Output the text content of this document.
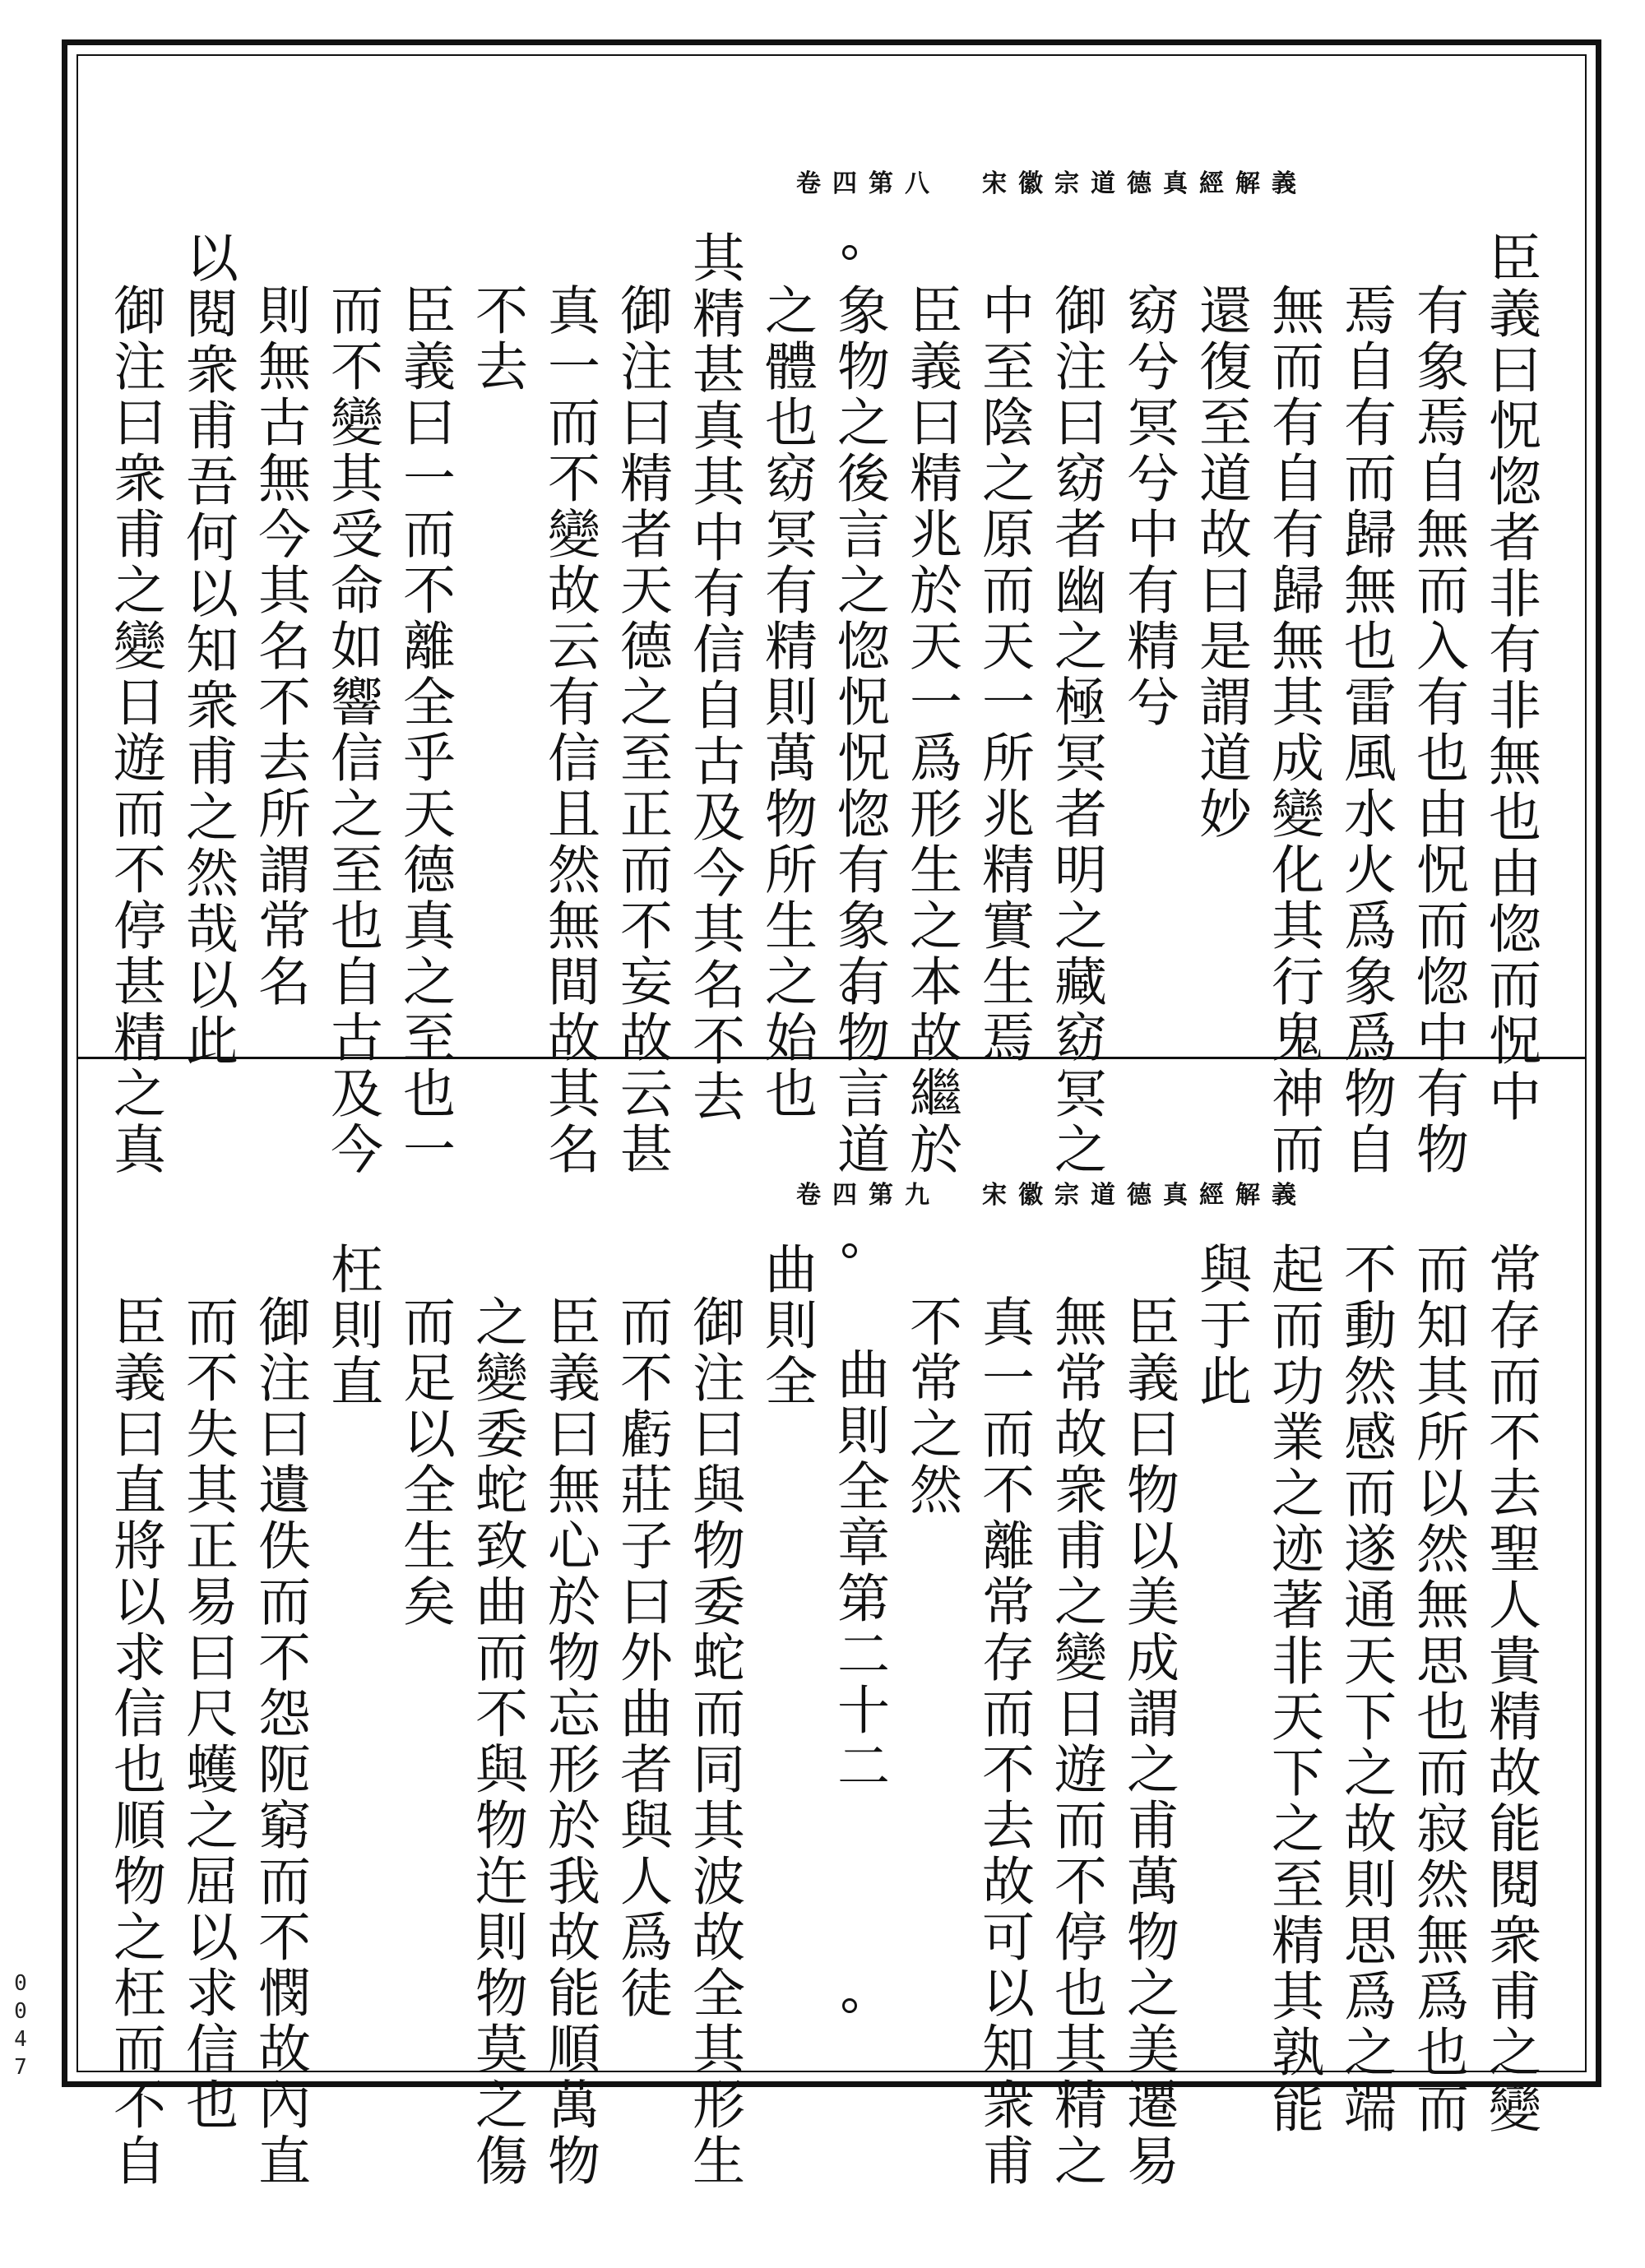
宋徽宗道德真經解義
卷四第八
臣義曰怳惚者非有非無也由惚而怳中
有象焉自無而入有也由怳而惚中有物
焉自有而歸無也雷風水火爲象爲物自
無而有自有歸無其成變化其行鬼神而
還復至道故曰是謂道妙
窈兮冥兮中有精兮
御注曰窈者幽之極冥者明之藏窈冥之
中至陰之原而天一所兆精實生焉
臣義曰精兆於天一爲形生之本故繼於
象物之後言之惚怳怳惚有象有物言道
之體也窈冥有精則萬物所生之始也
其精甚真其中有信自古及今其名不去
御注曰精者天德之至正而不妄故云甚
真一而不變故云有信且然無間故其名
不去
臣義曰一而不離全乎天德真之至也一
而不變其受命如響信之至也自古及今
則無古無今其名不去所謂常名
以閱衆甫吾何以知衆甫之然哉以此
御注曰衆甫之變日遊而不停甚精之真
宋徽宗道德真經解義
卷四第九
常存而不去聖人貴精故能閱衆甫之變
而知其所以然無思也而寂然無爲也而
不動然感而遂通天下之故則思爲之端
起而功業之迹著非天下之至精其孰能
與于此
臣義曰物以美成謂之甫萬物之美遷易
無常故衆甫之變日遊而不停也其精之
真一而不離常存而不去故可以知衆甫
不常之然
曲則全章第二十二
曲則全
御注曰與物委蛇而同其波故全其形生
而不虧莊子曰外曲者與人爲徒
臣義曰無心於物忘形於我故能順萬物
之變委蛇致曲而不與物迕則物莫之傷
而足以全生矣
枉則直
御注曰遺佚而不怨阨窮而不憫故內直
而不失其正易曰尺蠖之屈以求信也
臣義曰直將以求信也順物之枉而不自
0
0
4
7
